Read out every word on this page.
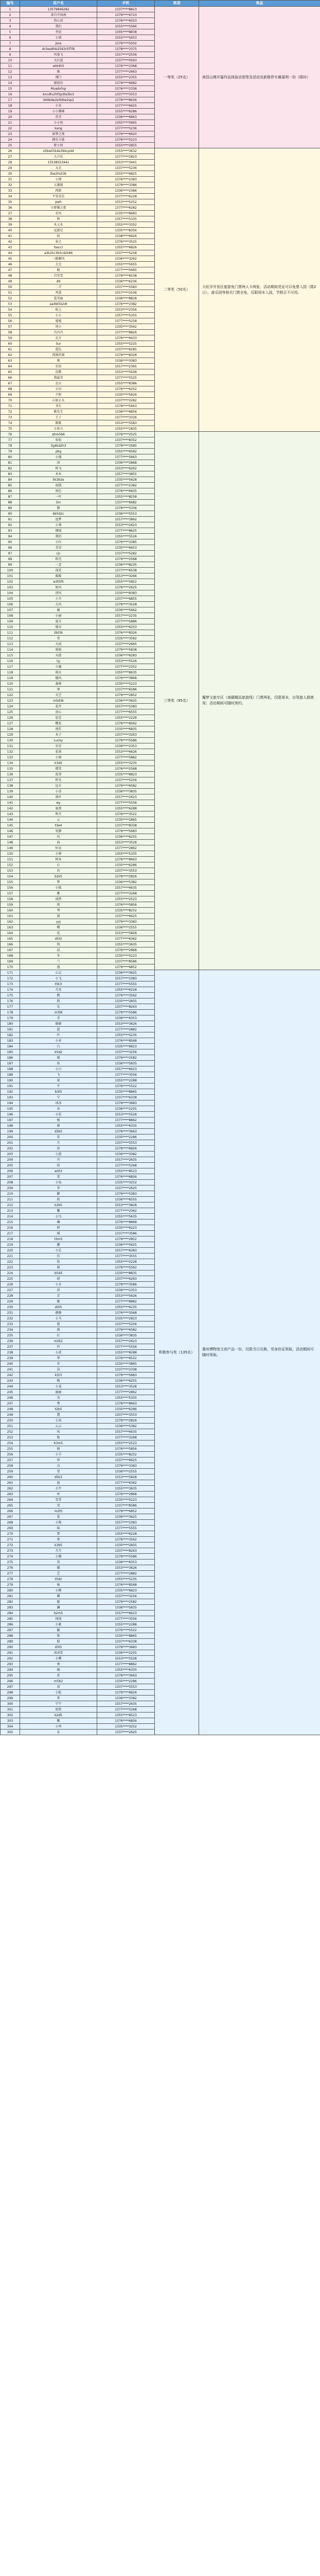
编号	用户名	手机	奖项	奖品
1	13579846282	1337****8823	一等奖（25名）	南昌山姆开篇作品体验店团签及活动及新推荐专属福利一份（限时）
2	来自中国南	1379****6723		
3	伤心凉	1376****6023		
4	我们	1555****5566		
5	李思	1305****8838		
6	小墙	1555****5653		
7	jsnx	1379****5502		
8	dr3esdt4z2563r5f7f4	1378****3375		
9	风筝飞	1557****2556		
10	大红蓝	1337****0563		
11	wkt4h5	1376****2368		
12	维	1377****2663		
13	翔门	1555****2355		
14	感恩坊	1379****6682		
15	Muwbrlnp	1376****2336		
16	kncdtv2hf3p3te3kct	1337****3553		
17	3d4kdw2e5t6w2sp2	1379****8636		
18	小宋	1377****6625		
19	小小猫咪	1555****6286		
20	苏青	1336****6863		
21	小小鱼	1355****5665		
22	kang	1377****5236		
23	如梦之夜	1379****6620		
24	拥有力量	1376****5223		
25	野小怪	1555****2855		
26	s5bw55k4e3bkcp4d	1353****3632	二等奖（50名）	大旺洋开发区旅游免门票两人卡两张，活动期间凭证可以免票入园（限2日），游乐园等相关门票全免，仅限周末入园，节假日不可用。
27	大兴乐	1377****2823		
28	15538553441	1553****3441		
29	大北	1337****5236		
30	tbe2hs53k	1555****6825		
31	小肆	1376****2383		
32	五湖菌	1379****3386		
33	西游	1336****2386		
34	平安喜乐	1377****6228		
35	pwh	1553****5252		
36	小野猫之夜	1377****6282		
37	若风	1335****8683		
38	秋	1357****5335		
39	木乂木	1355****3352		
40	远游记	1335****8356		
41	拾	1338****6626		
42	春之	1376****3525		
43	fasccl	1355****6826		
44	a3k2hc3b5cd2k86	1337****5258		
45	一路顺风	1336****3262		
46	大宝	1355****5655		
47	晓	1377****5665		
48	百里雪	1379****6538		
49	dd	1336****6236		
50	二月	1337****5583		
51	鸡蛋	1557****2536		
52	爱美丽	1336****8828		
53	aa4bt5k2dt	1376****2382		
54	陌上	1553****2356		
55	小小	1357****5355		
56	嘻嘻	1377****5258		
57	周小	1335****3562		
58	冯冯冯	1377****8826		
59	北方	1376****6633		
60	Sur	1355****5225		
61	蓝色	1337****6285		
62	孤独的狼	1379****8328		
63	舞	1336****3383		
64	星辰	1557****2365		
65	沉默	1553****5638		
66	我最美	1377****5525		
67	北山	1355****8386		
68	小田	1376****6252		
69	夕阳	1335****5626		
70	心如止水	1337****2282		
71	书生	1379****5663		
72	陈先生	1336****6856		
73	王子	1377****3326		
74	陈陈	1553****5583		
75	小鱼儿	1355****2835		
76	ahm5b6	1376****2525	三等奖（95名）	魔梦文旅专区（南赣精品旅游线）门票两张，仅限周末，自驾游人群使用；活动期间可随时预约。
77	哈哈	1337****8352		
78	3g4kd2h3	1379****3585		
79	pkg	1355****6582		
80	小墨	1377****5663		
81	冰	1336****2868		
82	阿飞	1553****6262		
83	木木	1357****3855		
84	5k3b2e	1335****5628		
85	海浪	1377****2382		
86	黑色	1376****6835		
87	一叶	1355****8258		
88	Sm	1337****6682		
89	静	1379****5336		
90	6k5d2c	1336****5553		
91	追梦	1557****3862		
92	小葵	1553****2623		
93	烟雨	1377****8625		
94	我的	1355****5526		
95	小红	1376****3385		
96	青草	1335****6653		
97	cjc	1337****5282		
98	阳光	1379****2568		
99	一念	1336****8235		
100	浅笑	1377****6538		
101	暖暖	1553****3266		
102	w3t5f5	1355****5852		
103	如风	1376****2625		
104	清风	1335****8383		
105	小月	1337****6855		
106	大风	1379****3528		
107	鹿	1336****5662		
108	小丽	1557****2235		
109	夏天	1377****5886		
110	晴天	1355****6253		
111	2bt3k	1376****8326		
112	雪	1335****3582		
113	大海	1337****2665		
114	萌萌	1379****5838		
115	天使	1336****6283		
116	lyj	1553****5526		
117	小鹿	1377****2352		
118	雨天	1355****8635		
119	随风	1376****3868		
120	森林	1335****5223		
121	寒	1337****6586		
122	天空	1379****2852		
123	m5d3k	1336****3625		
124	花开	1557****5383		
125	初心	1377****6555		
126	思念	1355****2228		
127	樱花	1376****8562		
128	流年	1335****6835		
129	木子	1337****3263		
130	Lucky	1379****5586		
131	星星	1336****2353		
132	花落	1553****6626		
133	小雨	1377****5882		
134	k3d5	1355****3235		
135	微笑	1376****2568		
136	故事	1335****8823		
137	时光	1337****5256		
138	远方	1379****6582		
139	小草	1336****3835		
140	落叶	1557****2623		
141	wy	1377****5556		
142	夏夜	1355****6288		
143	明月	1376****3522		
144	云	1335****2865		
145	t3e4	1337****8338		
146	安静	1379****5683		
147	风	1336****6255		
148	海	1553****3528		
149	好运	1377****2862		
150	小猪	1355****5335		
151	阿木	1376****8663		
152	心	1335****6286		
153	若	1337****3553		
154	b2k5	1379****2826		
155	梦	1336****5382		
156	小狐	1557****6635		
157	雅	1377****3268		
158	淡然	1355****2523		
159	夜	1376****5856		
160	琴	1335****8252		
161	雨	1337****6625		
162	yyj	1379****3383		
163	蝶	1336****2555		
164	花	1553****5828		
165	d5t2	1377****6362		
166	纯	1355****3635		
167	晨	1376****2868		
168	冬	1335****5223		
169	兰	1337****8586		
170	逸	1379****6852		
171	心灵	1336****3625	积极参与奖（135名）	惠州博物馆文创产品一份，仅限当日兑换，凭身份证领取，活动期间可随时领取。
172	小飞	1557****2383		
173	t5k3	1377****5555		
174	月亮	1355****6228		
175	熊	1376****3562		
176	阳	1335****2835		
177	乐	1337****8263		
178	m3t6	1379****5586		
179	青	1336****6353		
180	晓晓	1553****3626		
181	蓝	1377****2882		
182	叶	1355****5235		
183	小米	1376****8568		
184	白	1335****6823		
185	k5d2	1337****3256		
186	晴	1379****2582		
187	鱼	1336****5835		
188	小白	1557****6623		
189	飞	1377****3556		
190	果	1355****2288		
191	平	1376****5522		
192	b3t5	1335****8865		
193	宁	1337****6338		
194	冰冰	1379****3683		
195	朵	1336****2255		
196	小花	1553****5528		
197	杨	1377****8862		
198	林	1355****6335		
199	d3k5	1376****3663		
200	安	1335****2286		
201	月	1337****5553		
202	彩	1379****6826		
203	小蓝	1336****3382		
204	丹	1557****2635		
205	依	1377****5268		
206	w5t3	1355****8523		
207	雯	1376****6856		
208	小兔	1335****3252		
209	菲	1337****2625		
210	颖	1379****5383		
211	欣	1336****6555		
212	k2b5	1553****3828		
213	馨	1377****2362		
214	小鸟	1355****5635		
215	琳	1376****8868		
216	婷	1335****6223		
217	瑶	1337****3586		
218	t3m5	1379****2852		
219	娜	1336****5625		
220	小乐	1557****6383		
221	佳	1377****3555		
222	怡	1355****2228		
223	莉	1376****5562		
224	b5d3	1335****8835		
225	倩	1337****6263		
226	小金	1379****3586		
227	萍	1336****2353		
228	芳	1553****5626		
229	敏	1377****8882		
230	d2t5	1355****6235		
231	静静	1376****3568		
232	小马	1335****2823		
233	霞	1337****5256		
234	燕	1379****6582		
235	红	1336****3835		
236	m5k2	1557****2623		
237	玲	1377****5556		
238	小虎	1355****8288		
239	华	1376****6522		
240	芬	1335****3865		
241	洁	1337****2338		
242	k5t3	1379****5683		
243	梅	1336****6255		
244	小龙	1553****3528		
245	丽丽	1377****2862		
246	英	1355****5335		
247	秀	1376****8663		
248	t2b5	1335****6286		
249	慧	1337****3553		
250	小凤	1379****2826		
251	云云	1336****5382		
252	凤	1557****6635		
253	艳	1377****3268		
254	b3m5	1355****2523		
255	娟	1376****5856		
256	小羊	1335****8252		
257	珍	1337****6625		
258	贞	1379****3383		
259	莹	1336****2555		
260	d5k3	1553****5828		
261	茹	1377****6362		
262	小牛	1355****3635		
263	环	1376****2868		
264	雪雪	1335****5223		
265	荣	1337****8586		
266	m2t5	1379****6852		
267	爱	1336****3625		
268	小狗	1557****2383		
269	妹	1377****5555		
270	霏	1355****6228		
271	香	1376****3562		
272	k3b5	1335****2835		
273	月月	1337****8263		
274	小猫	1379****5586		
275	莺	1336****6353		
276	媛	1553****3626		
277	艺	1377****2882		
278	t5d2	1355****5235		
279	咏	1376****8568		
280	小熊	1335****6823		
281	卿	1337****3256		
282	聪	1379****2582		
283	澜	1336****5835		
284	b2m5	1557****6623		
285	纯纯	1377****3556		
286	小象	1355****2288		
287	毓	1376****5522		
288	悦	1335****8865		
289	昭	1337****6338		
290	d3t5	1379****3683		
291	冰冰雪	1336****2255		
292	小鹰	1553****5528		
293	爽	1377****8862		
294	琬	1355****6335		
295	茗	1376****3663		
296	m5b2	1335****2286		
297	羽	1337****5553		
298	小蛇	1379****6826		
299	希	1336****3382		
300	宁宁	1557****2635		
301	欣欣	1377****5268		
302	k2d5	1355****8523		
303	飘	1376****6856		
304	小鸡	1335****3252		
305	育	1337****2625		
